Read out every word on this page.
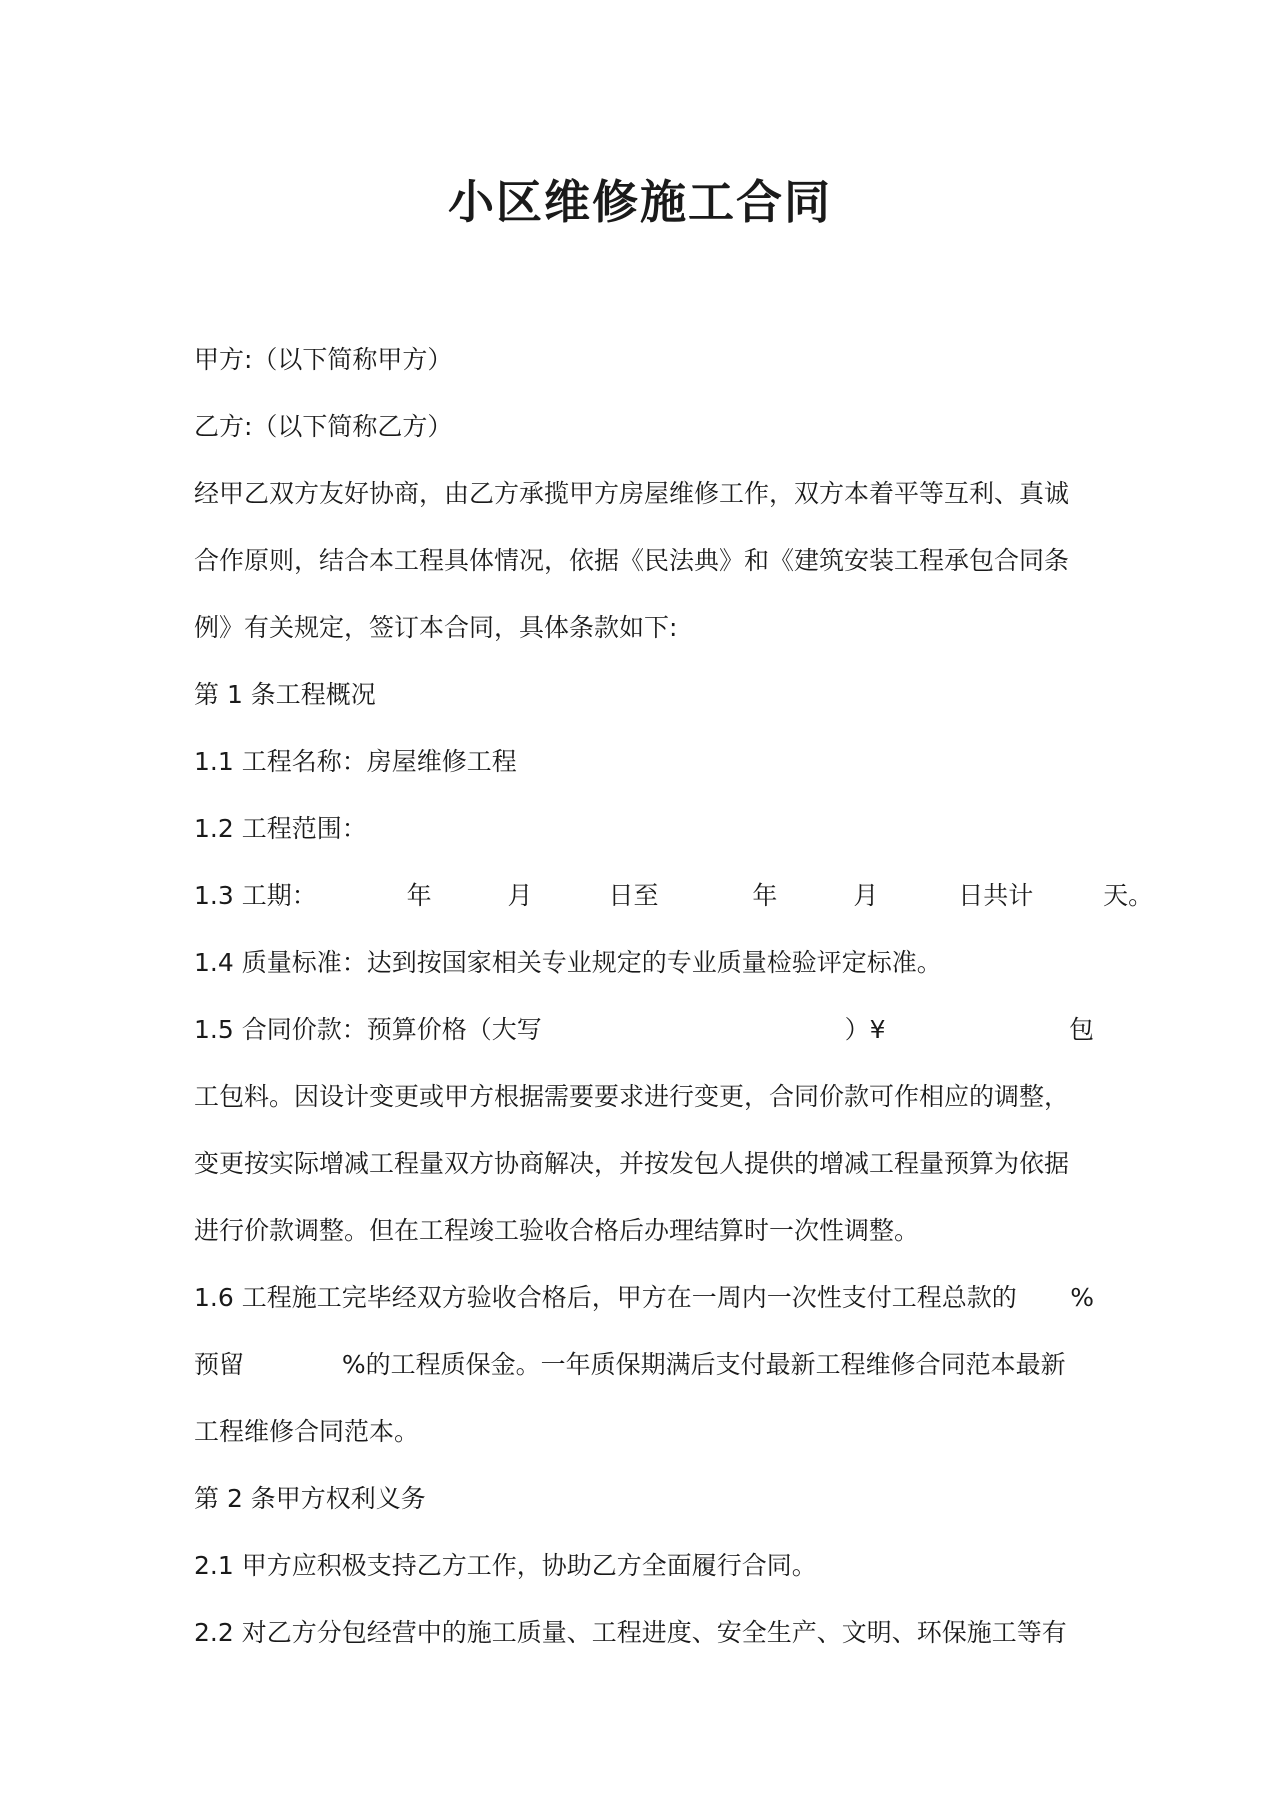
小区维修施工合同
甲方:（以下简称甲方）
乙方:（以下简称乙方）
经甲乙双方友好协商，由乙方承揽甲方房屋维修工作，双方本着平等互利、真诚
合作原则，结合本工程具体情况，依据《民法典》和《建筑安装工程承包合同条
例》有关规定，签订本合同，具体条款如下:
第 1 条工程概况
1.1 工程名称：房屋维修工程
1.2 工程范围：
1.3 工期：	年	月	日至	年	月	日共计	天。
1.4 质量标准：达到按国家相关专业规定的专业质量检验评定标准。
1.5 合同价款：预算价格（大写	）¥	包
工包料。因设计变更或甲方根据需要要求进行变更，合同价款可作相应的调整，
变更按实际增减工程量双方协商解决，并按发包人提供的增减工程量预算为依据
进行价款调整。但在工程竣工验收合格后办理结算时一次性调整。
1.6 工程施工完毕经双方验收合格后，甲方在一周内一次性支付工程总款的 %
预留	%的工程质保金。一年质保期满后支付最新工程维修合同范本最新
工程维修合同范本。
第 2 条甲方权利义务
2.1 甲方应积极支持乙方工作，协助乙方全面履行合同。
2.2 对乙方分包经营中的施工质量、工程进度、安全生产、文明、环保施工等有
